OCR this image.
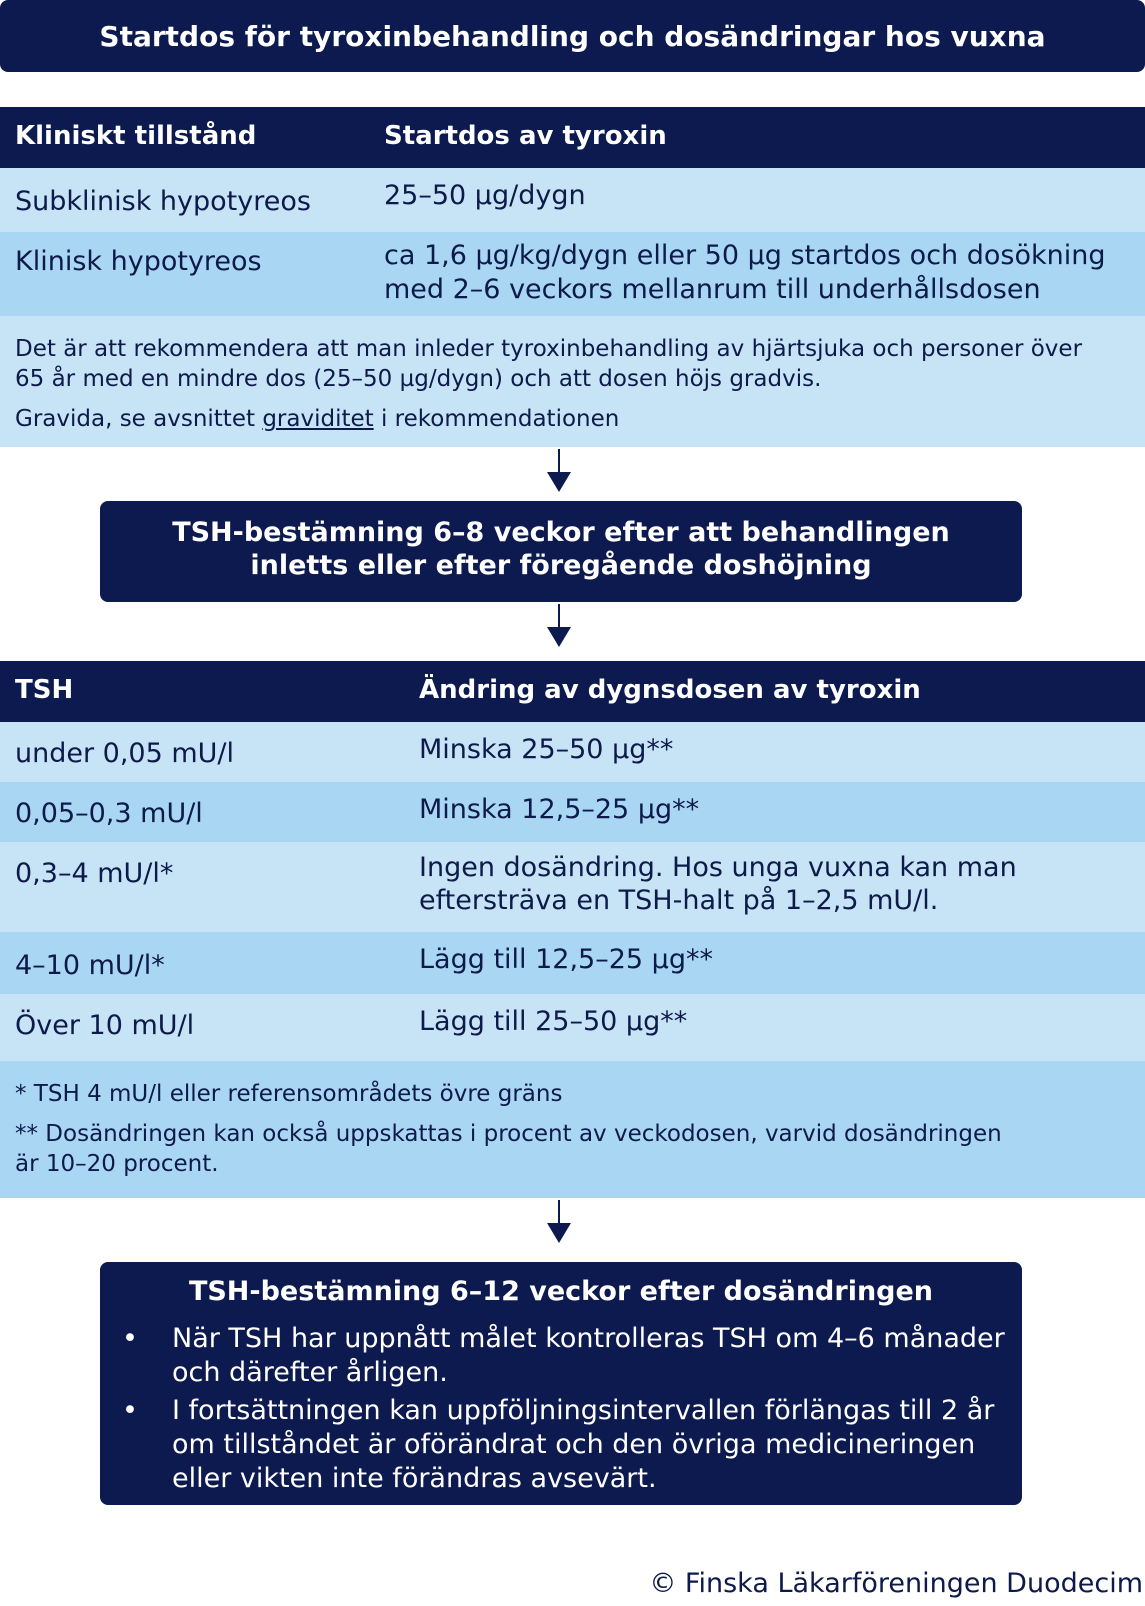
Startdos för tyroxinbehandling och dosändringar hos vuxna
Kliniskt tillstånd	Startdos av tyroxin
Subklinisk hypotyreos	25–50 µg/dygn
Klinisk hypotyreos	ca 1,6 µg/kg/dygn eller 50 µg startdos och dosökning
med 2–6 veckors mellanrum till underhållsdosen
Det är att rekommendera att man inleder tyroxinbehandling av hjärtsjuka och personer över
65 år med en mindre dos (25–50 µg/dygn) och att dosen höjs gradvis.
Gravida, se avsnittet graviditet i rekommendationen
TSH-bestämning 6–8 veckor efter att behandlingen
inletts eller efter föregående doshöjning
TSH	Ändring av dygnsdosen av tyroxin
under 0,05 mU/l	Minska 25–50 µg**
0,05–0,3 mU/l	Minska 12,5–25 µg**
0,3–4 mU/l*	Ingen dosändring. Hos unga vuxna kan man
eftersträva en TSH-halt på 1–2,5 mU/l.
4–10 mU/l*	Lägg till 12,5–25 µg**
Över 10 mU/l	Lägg till 25–50 µg**
* TSH 4 mU/l eller referensområdets övre gräns
** Dosändringen kan också uppskattas i procent av veckodosen, varvid dosändringen
är 10–20 procent.
TSH-bestämning 6–12 veckor efter dosändringen
• När TSH har uppnått målet kontrolleras TSH om 4–6 månader
och därefter årligen.
• I fortsättningen kan uppföljningsintervallen förlängas till 2 år
om tillståndet är oförändrat och den övriga medicineringen
eller vikten inte förändras avsevärt.
© Finska Läkarföreningen Duodecim
